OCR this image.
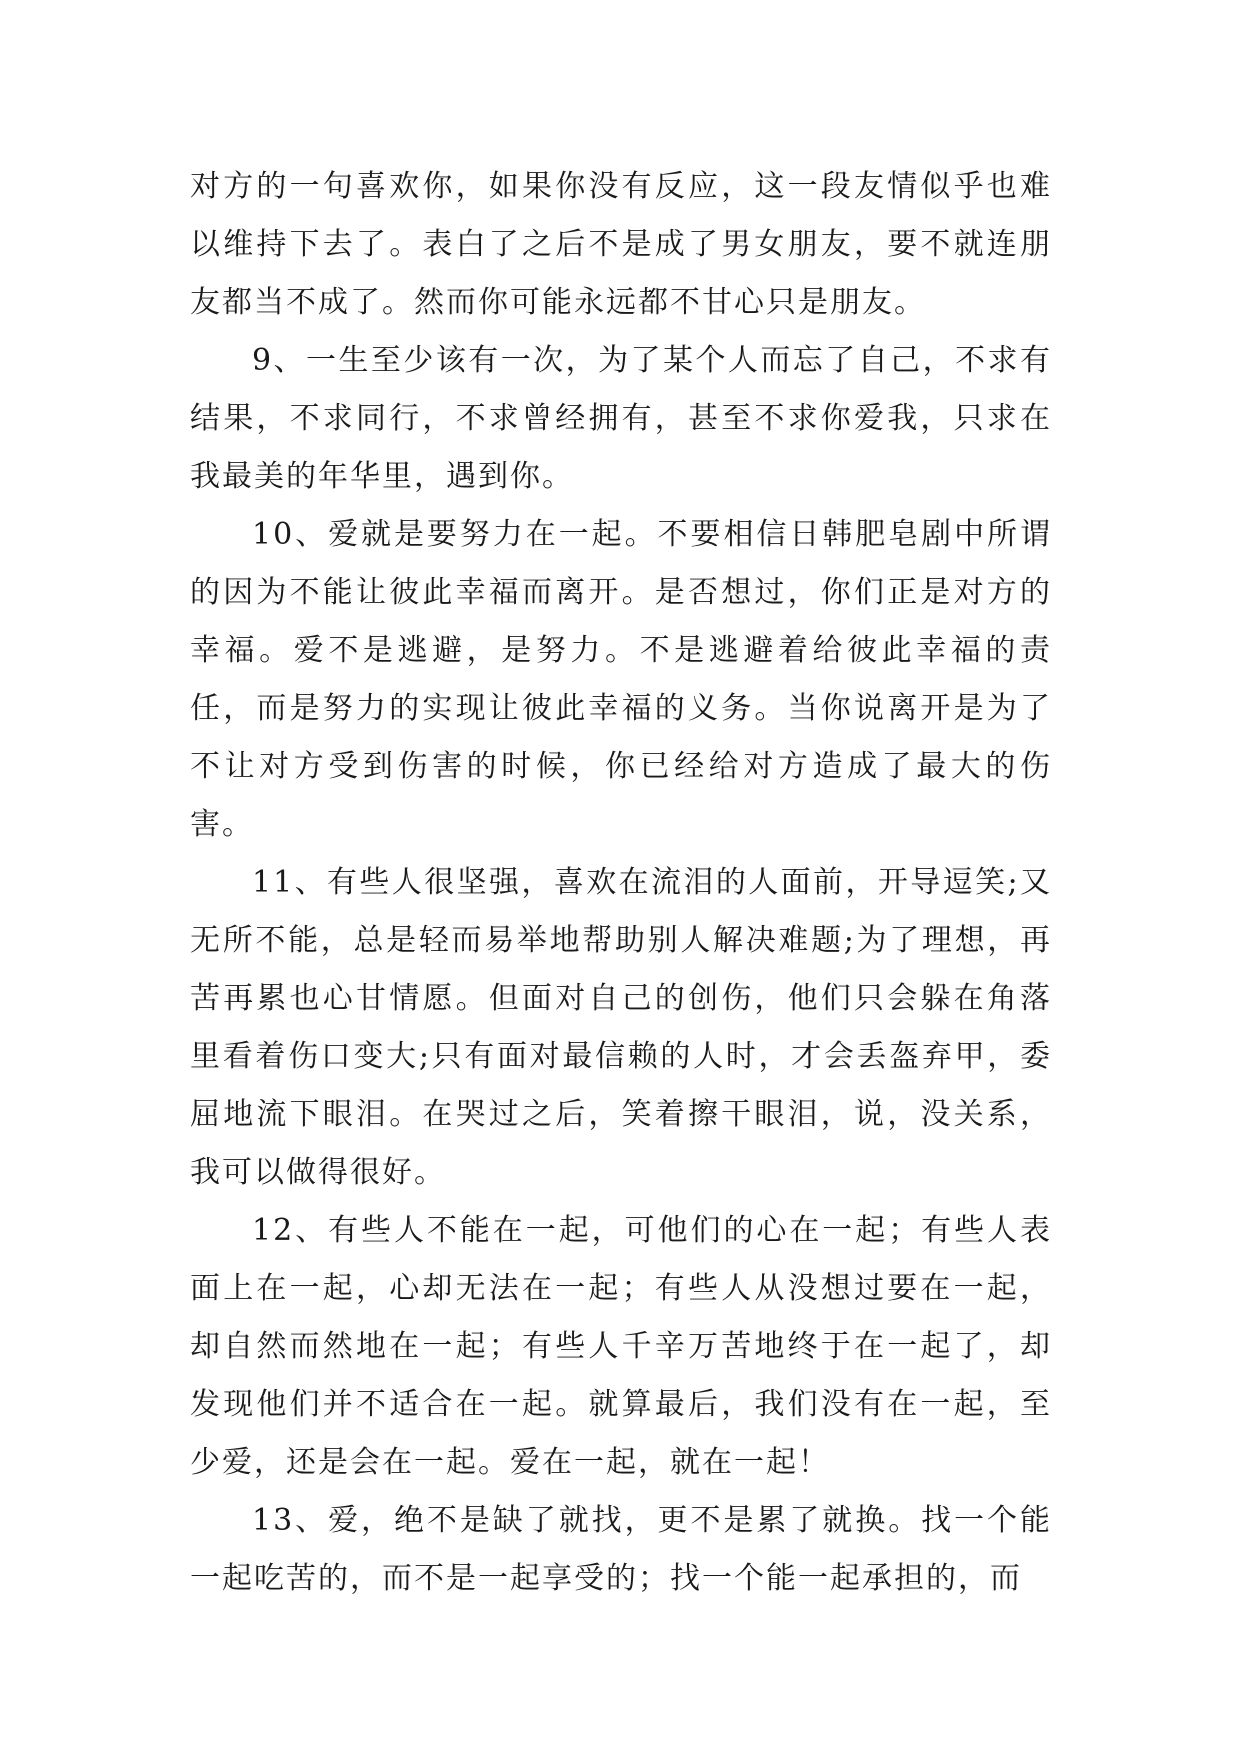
对方的一句喜欢你，如果你没有反应，这一段友情似乎也难以维持下去了。表白了之后不是成了男女朋友，要不就连朋友都当不成了。然而你可能永远都不甘心只是朋友。

9、一生至少该有一次，为了某个人而忘了自己，不求有结果，不求同行，不求曾经拥有，甚至不求你爱我，只求在我最美的年华里，遇到你。

10、爱就是要努力在一起。不要相信日韩肥皂剧中所谓的因为不能让彼此幸福而离开。是否想过，你们正是对方的幸福。爱不是逃避，是努力。不是逃避着给彼此幸福的责任，而是努力的实现让彼此幸福的义务。当你说离开是为了不让对方受到伤害的时候，你已经给对方造成了最大的伤害。

11、有些人很坚强，喜欢在流泪的人面前，开导逗笑;又无所不能，总是轻而易举地帮助别人解决难题;为了理想，再苦再累也心甘情愿。但面对自己的创伤，他们只会躲在角落里看着伤口变大;只有面对最信赖的人时，才会丢盔弃甲，委屈地流下眼泪。在哭过之后，笑着擦干眼泪，说，没关系，我可以做得很好。

12、有些人不能在一起，可他们的心在一起；有些人表面上在一起，心却无法在一起；有些人从没想过要在一起，却自然而然地在一起；有些人千辛万苦地终于在一起了，却发现他们并不适合在一起。就算最后，我们没有在一起，至少爱，还是会在一起。爱在一起，就在一起！

13、爱，绝不是缺了就找，更不是累了就换。找一个能一起吃苦的，而不是一起享受的；找一个能一起承担的，而
